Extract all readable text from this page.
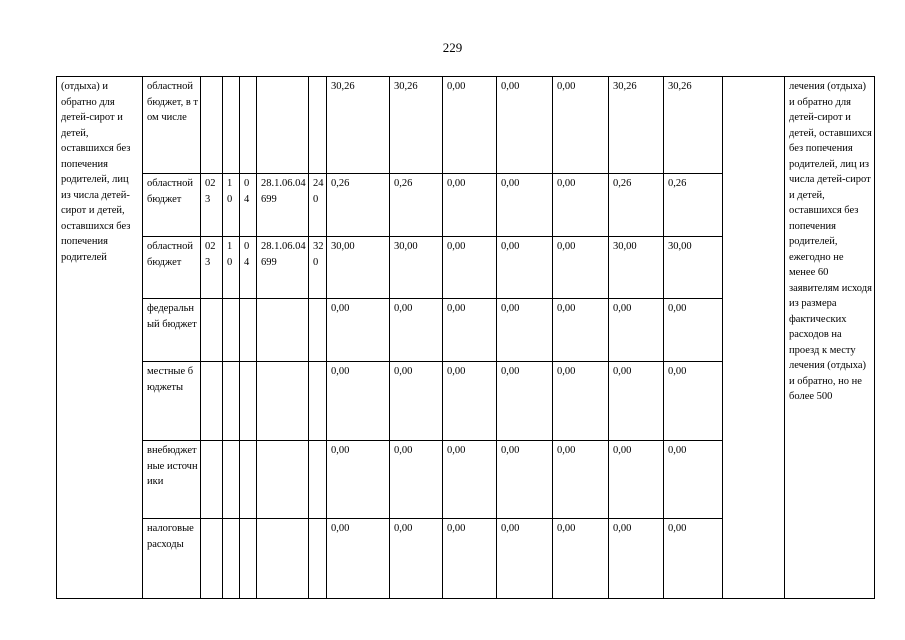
229
(отдыха) и обратно для детей-сирот и детей, оставшихся без попечения родителей, лиц из числа детей-сирот и детей, оставшихся без попечения родителей	областной бюджет, в том числе						30,26	30,26	0,00	0,00	0,00	30,26	30,26		лечения (отдыха) и обратно для детей-сирот и детей, оставшихся без попечения родителей, лиц из числа детей-сирот и детей, оставшихся без попечения родителей, ежегодно не менее 60 заявителям исходя из размера фактических расходов на проезд к месту лечения (отдыха) и обратно, но не более 500
	областной бюджет	023	10	04	28.1.06.04699	240	0,26	0,26	0,00	0,00	0,00	0,26	0,26		
	областной бюджет	023	10	04	28.1.06.04699	320	30,00	30,00	0,00	0,00	0,00	30,00	30,00		
	федеральный бюджет						0,00	0,00	0,00	0,00	0,00	0,00	0,00		
	местные бюджеты						0,00	0,00	0,00	0,00	0,00	0,00	0,00		
	внебюджетные источники						0,00	0,00	0,00	0,00	0,00	0,00	0,00		
	налоговые расходы						0,00	0,00	0,00	0,00	0,00	0,00	0,00		
